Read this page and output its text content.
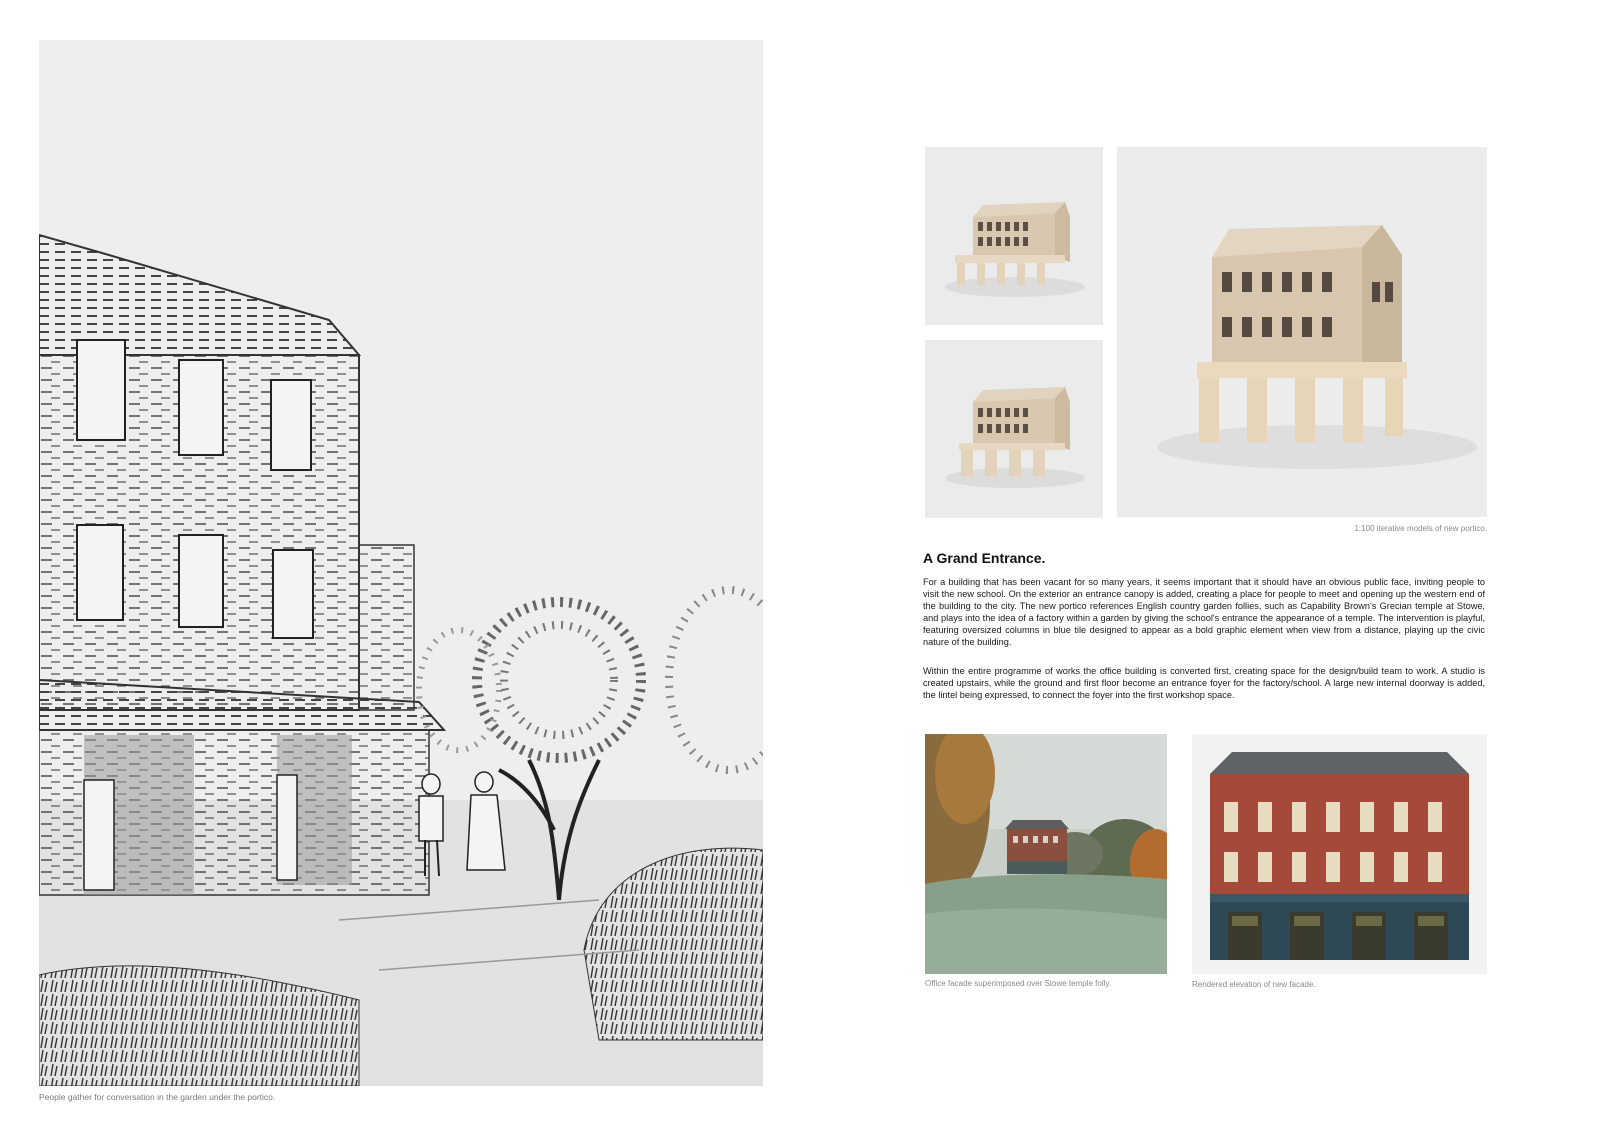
People gather for conversation in the garden under the portico.
1:100 iterative models of new portico.
A Grand Entrance.

For a building that has been vacant for so many years, it seems important that it should have an obvious public face, inviting people to visit the new school. On the exterior an entrance canopy is added, creating a place for people to meet and opening up the western end of the building to the city. The new portico references English country garden follies, such as Capability Brown's Grecian temple at Stowe, and plays into the idea of a factory within a garden by giving the school's entrance the appearance of a temple. The intervention is playful, featuring oversized columns in blue tile designed to appear as a bold graphic element when view from a distance, playing up the civic nature of the building.

Within the entire programme of works the office building is converted first, creating space for the design/build team to work. A studio is created upstairs, while the ground and first floor become an entrance foyer for the factory/school. A large new internal doorway is added, the lintel being expressed, to connect the foyer into the first workshop space.

Office facade superimposed over Stowe temple folly.	Rendered elevation of new facade.
